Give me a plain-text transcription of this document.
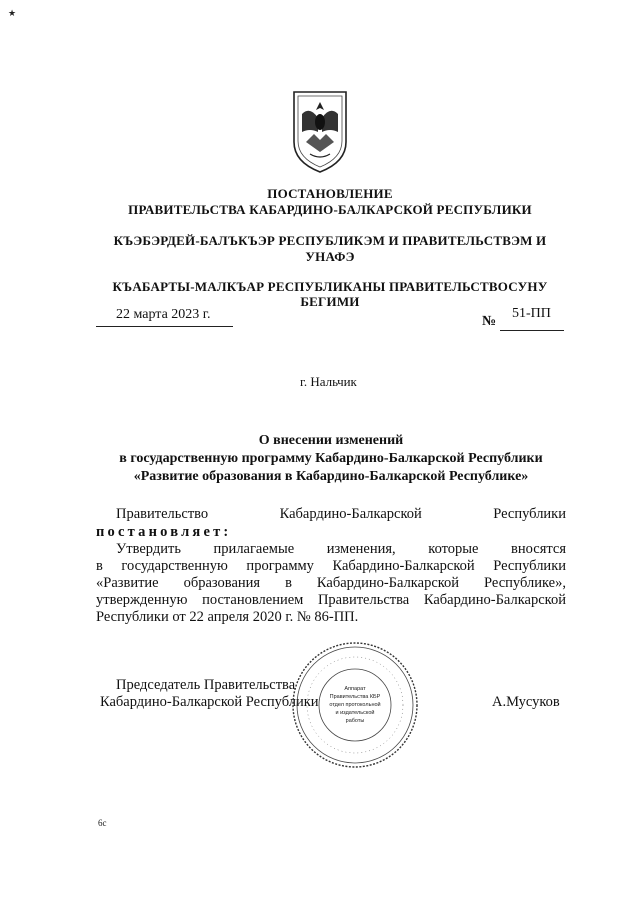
★
6c
ПОСТАНОВЛЕНИЕ
ПРАВИТЕЛЬСТВА КАБАРДИНО-БАЛКАРСКОЙ РЕСПУБЛИКИ
КЪЭБЭРДЕЙ-БАЛЪКЪЭР РЕСПУБЛИКЭМ И ПРАВИТЕЛЬСТВЭМ И
УНАФЭ
КЪАБАРТЫ-МАЛКЪАР РЕСПУБЛИКАНЫ ПРАВИТЕЛЬСТВОСУНУ
БЕГИМИ
22 марта 2023 г.	№
51-ПП
г. Нальчик
О внесении изменений
в государственную программу Кабардино-Балкарской Республики
«Развитие образования в Кабардино-Балкарской Республике»
Правительство	Кабардино-Балкарской	Республики
постановляет:
Утвердить прилагаемые изменения, которые вносятся
в государственную программу Кабардино-Балкарской Республики
«Развитие образования в Кабардино-Балкарской Республике»,
утвержденную постановлением Правительства Кабардино-Балкарской
Республики от 22 апреля 2020 г. № 86-ПП.
Председатель Правительства
Кабардино-Балкарской Республики	А.Мусуков
Аппарат
Правительства КБР
отдел протокольной
и издательской
работы
